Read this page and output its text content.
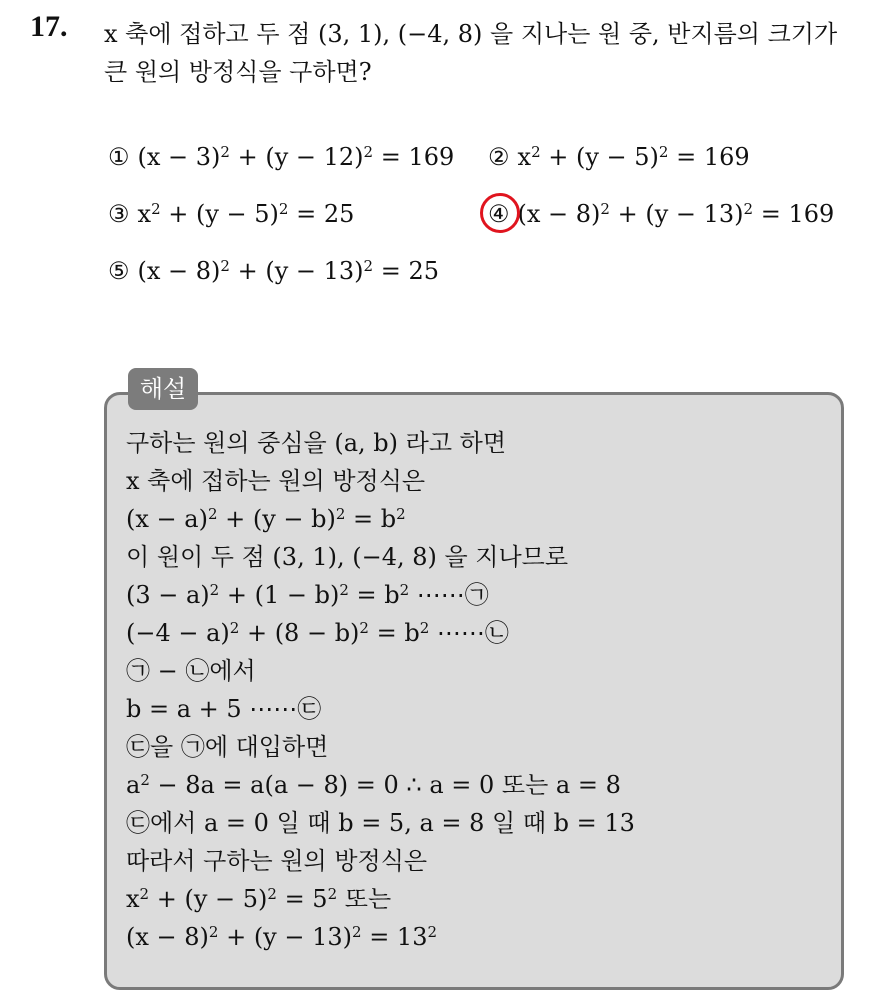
17. x 축에 접하고 두 점 (3, 1), (−4, 8) 을 지나는 원 중, 반지름의 크기가
큰 원의 방정식을 구하면?
① $(x - 3)^2 + (y - 12)^2 = 169$ ② $x^2 + (y - 5)^2 = 169$
③ $x^2 + (y - 5)^2 = 25$	④ $(x - 8)^2 + (y - 13)^2 = 169$
⑤ $(x - 8)^2 + (y - 13)^2 = 25$
해설
구하는 원의 중심을 (a, b) 라고 하면
x 축에 접하는 원의 방정식은
$(x - a)^2 + (y - b)^2 = b^2$
이 원이 두 점 (3, 1), (−4, 8) 을 지나므로
$(3 - a)^2 + (1 - b)^2 = b^2$ ⋯⋯㉠
$(-4 - a)^2 + (8 - b)^2 = b^2$ ⋯⋯㉡
㉠ − ㉡에서
b = a + 5 ⋯⋯㉢
㉢을 ㉠에 대입하면
$a^2 - 8a = a(a - 8) = 0$ ∴ a = 0 또는 a = 8
㉢에서 a = 0 일 때 b = 5, a = 8 일 때 b = 13
따라서 구하는 원의 방정식은
$x^2 + (y - 5)^2 = 5^2$ 또는
$(x - 8)^2 + (y - 13)^2 = 13^2$
